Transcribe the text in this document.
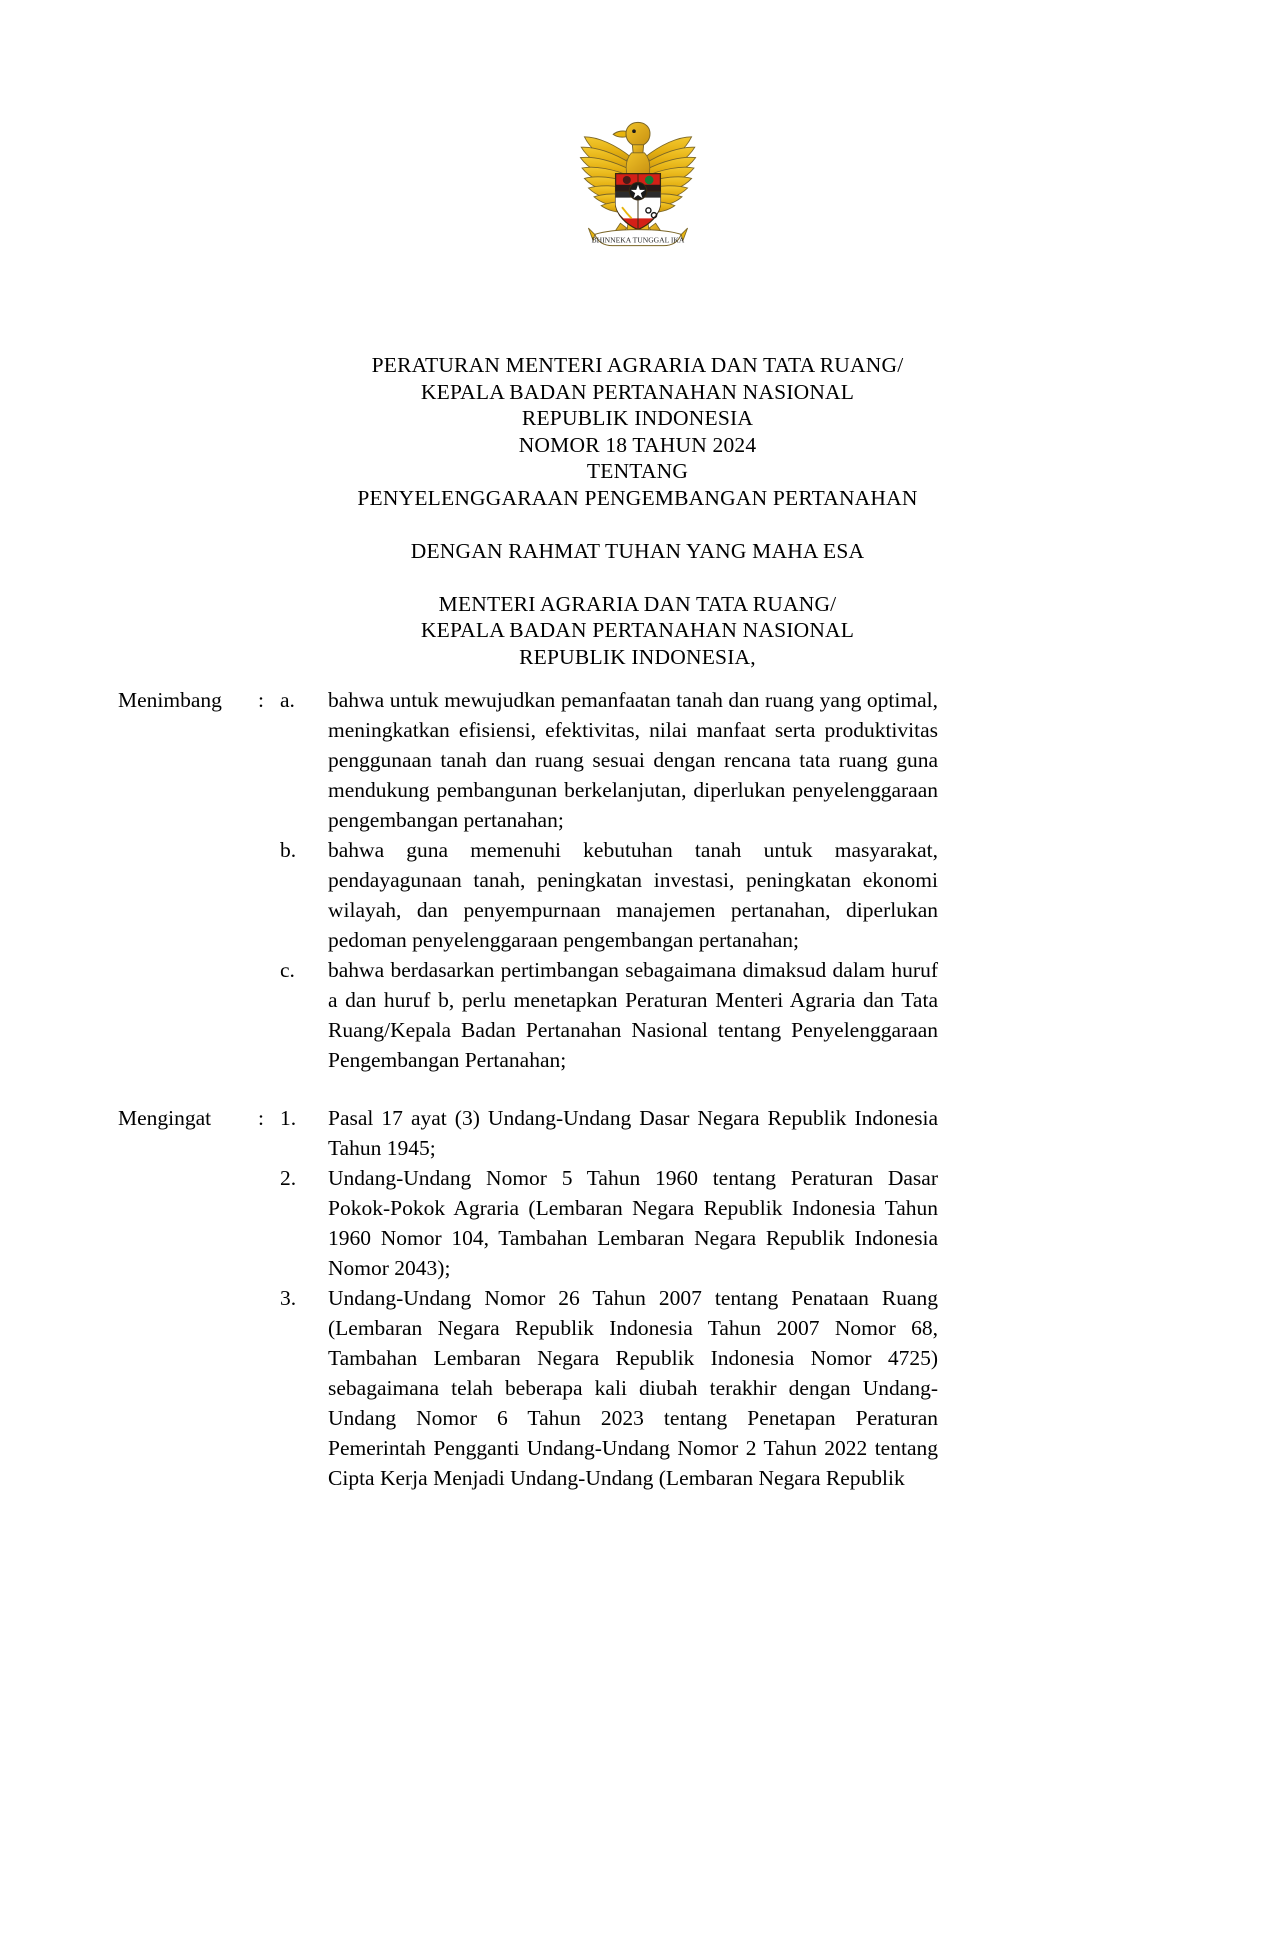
BHINNEKA TUNGGAL IKA
PERATURAN MENTERI AGRARIA DAN TATA RUANG/
KEPALA BADAN PERTANAHAN NASIONAL
REPUBLIK INDONESIA
NOMOR 18 TAHUN 2024
TENTANG
PENYELENGGARAAN PENGEMBANGAN PERTANAHAN
DENGAN RAHMAT TUHAN YANG MAHA ESA
MENTERI AGRARIA DAN TATA RUANG/
KEPALA BADAN PERTANAHAN NASIONAL
REPUBLIK INDONESIA,
Menimbang	: a.	bahwa untuk mewujudkan pemanfaatan tanah dan ruang yang optimal, meningkatkan efisiensi, efektivitas, nilai manfaat serta produktivitas penggunaan tanah dan ruang sesuai dengan rencana tata ruang guna mendukung pembangunan berkelanjutan, diperlukan penyelenggaraan pengembangan pertanahan;
b.	bahwa guna memenuhi kebutuhan tanah untuk masyarakat, pendayagunaan tanah, peningkatan investasi, peningkatan ekonomi wilayah, dan penyempurnaan manajemen pertanahan, diperlukan pedoman penyelenggaraan pengembangan pertanahan;
c.	bahwa berdasarkan pertimbangan sebagaimana dimaksud dalam huruf a dan huruf b, perlu menetapkan Peraturan Menteri Agraria dan Tata Ruang/Kepala Badan Pertanahan Nasional tentang Penyelenggaraan Pengembangan Pertanahan;
Mengingat	: 1.	Pasal 17 ayat (3) Undang-Undang Dasar Negara Republik Indonesia Tahun 1945;
2.	Undang-Undang Nomor 5 Tahun 1960 tentang Peraturan Dasar Pokok-Pokok Agraria (Lembaran Negara Republik Indonesia Tahun 1960 Nomor 104, Tambahan Lembaran Negara Republik Indonesia Nomor 2043);
3.	Undang-Undang Nomor 26 Tahun 2007 tentang Penataan Ruang (Lembaran Negara Republik Indonesia Tahun 2007 Nomor 68, Tambahan Lembaran Negara Republik Indonesia Nomor 4725) sebagaimana telah beberapa kali diubah terakhir dengan Undang-Undang Nomor 6 Tahun 2023 tentang Penetapan Peraturan Pemerintah Pengganti Undang-Undang Nomor 2 Tahun 2022 tentang Cipta Kerja Menjadi Undang-Undang (Lembaran Negara Republik
